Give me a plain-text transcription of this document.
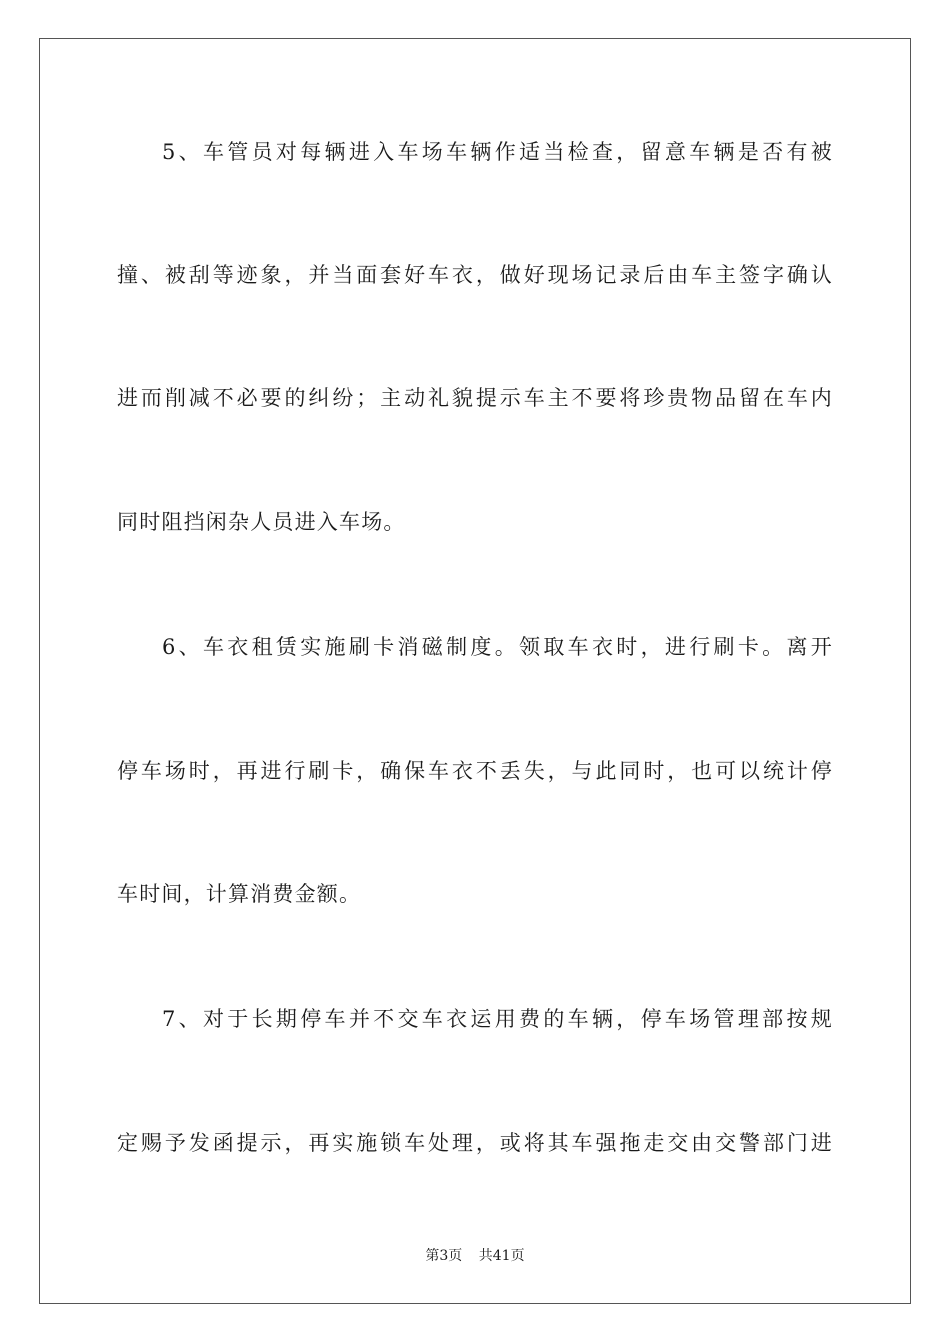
5、车管员对每辆进入车场车辆作适当检查，留意车辆是否有被
撞、被刮等迹象，并当面套好车衣，做好现场记录后由车主签字确认
进而削减不必要的纠纷；主动礼貌提示车主不要将珍贵物品留在车内
同时阻挡闲杂人员进入车场。
6、车衣租赁实施刷卡消磁制度。领取车衣时，进行刷卡。离开
停车场时，再进行刷卡，确保车衣不丢失，与此同时，也可以统计停
车时间，计算消费金额。
7、对于长期停车并不交车衣运用费的车辆，停车场管理部按规
定赐予发函提示，再实施锁车处理，或将其车强拖走交由交警部门进
第3页 共41页
